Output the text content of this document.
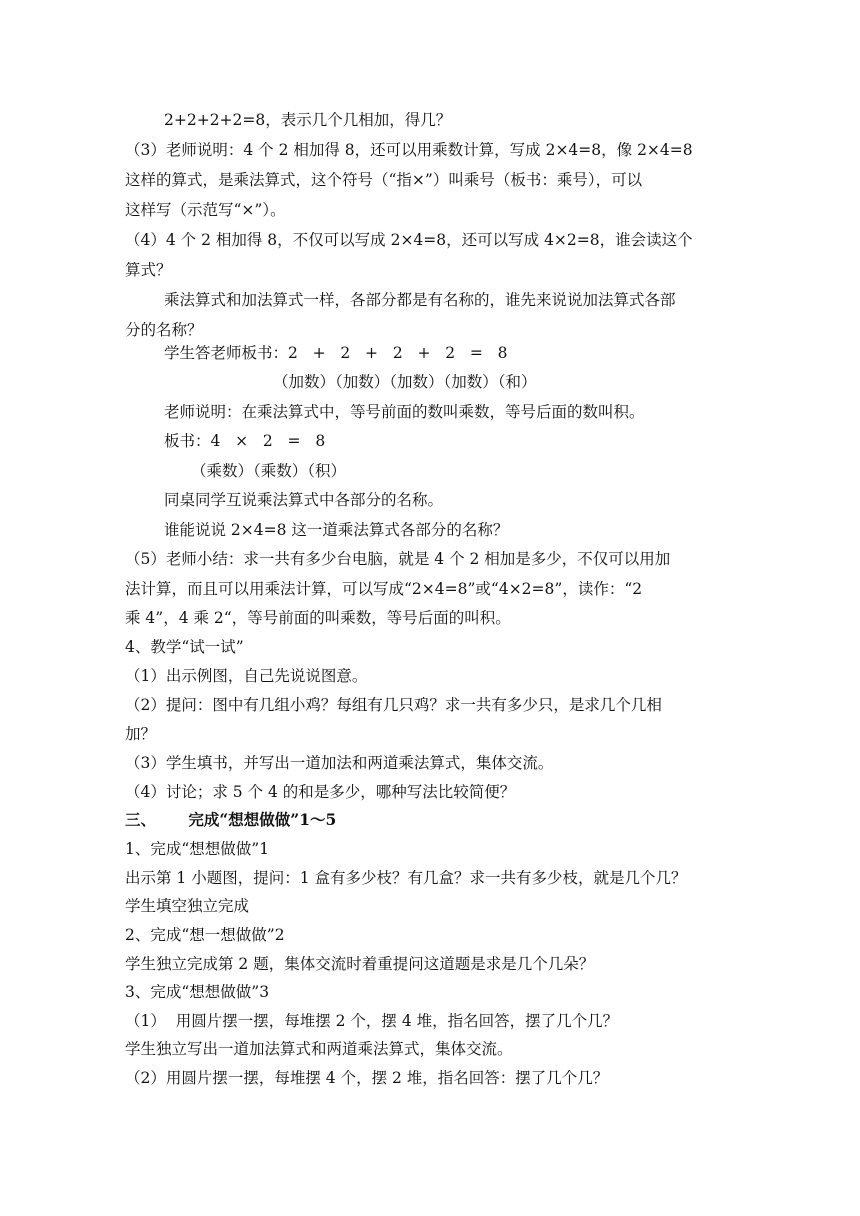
2+2+2+2=8，表示几个几相加，得几？
（3）老师说明：4 个 2 相加得 8，还可以用乘数计算，写成 2×4=8，像 2×4=8
这样的算式，是乘法算式，这个符号（“指×”）叫乘号（板书：乘号），可以
这样写（示范写“×”）。
（4）4 个 2 相加得 8，不仅可以写成 2×4=8，还可以写成 4×2=8，谁会读这个
算式？
乘法算式和加法算式一样，各部分都是有名称的，谁先来说说加法算式各部
分的名称？
学生答老师板书：2   +   2   +   2   +   2   =   8
（加数）（加数）（加数）（加数）（和）
老师说明：在乘法算式中，等号前面的数叫乘数，等号后面的数叫积。
板书：4   ×   2   =   8
（乘数）（乘数）（积）
同桌同学互说乘法算式中各部分的名称。
谁能说说 2×4=8 这一道乘法算式各部分的名称？
（5）老师小结：求一共有多少台电脑，就是 4 个 2 相加是多少，不仅可以用加
法计算，而且可以用乘法计算，可以写成“2×4=8”或“4×2=8”，读作：“2
乘 4”，4 乘 2“，等号前面的叫乘数，等号后面的叫积。
4、教学“试一试”
（1）出示例图，自己先说说图意。
（2）提问：图中有几组小鸡？每组有几只鸡？求一共有多少只，是求几个几相
加？
（3）学生填书，并写出一道加法和两道乘法算式，集体交流。
（4）讨论；求 5 个 4 的和是多少，哪种写法比较简便？
三、      完成“想想做做”1～5
1、完成“想想做做”1
出示第 1 小题图，提问：1 盒有多少枝？有几盒？求一共有多少枝，就是几个几？
学生填空独立完成
2、完成“想一想做做”2
学生独立完成第 2 题，集体交流时着重提问这道题是求是几个几朵？
3、完成“想想做做”3
（1）  用圆片摆一摆，每堆摆 2 个，摆 4 堆，指名回答，摆了几个几？
学生独立写出一道加法算式和两道乘法算式，集体交流。
（2）用圆片摆一摆，每堆摆 4 个，摆 2 堆，指名回答：摆了几个几？
